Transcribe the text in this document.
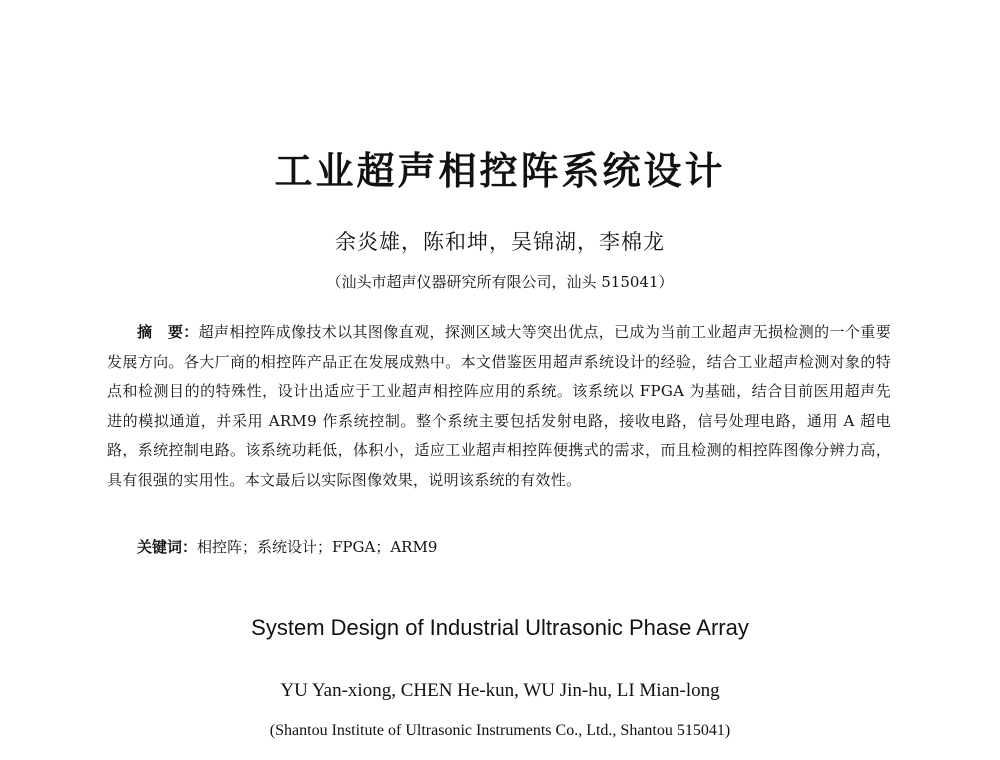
工业超声相控阵系统设计
余炎雄，陈和坤，吴锦湖，李棉龙
（汕头市超声仪器研究所有限公司，汕头 515041）
摘　要：超声相控阵成像技术以其图像直观，探测区域大等突出优点，已成为当前工业超声无损检测的一个重要发展方向。各大厂商的相控阵产品正在发展成熟中。本文借鉴医用超声系统设计的经验，结合工业超声检测对象的特点和检测目的的特殊性，设计出适应于工业超声相控阵应用的系统。该系统以 FPGA 为基础，结合目前医用超声先进的模拟通道，并采用 ARM9 作系统控制。整个系统主要包括发射电路，接收电路，信号处理电路，通用 A 超电路，系统控制电路。该系统功耗低，体积小，适应工业超声相控阵便携式的需求，而且检测的相控阵图像分辨力高，具有很强的实用性。本文最后以实际图像效果，说明该系统的有效性。
关键词：相控阵；系统设计；FPGA；ARM9
System Design of Industrial Ultrasonic Phase Array
YU Yan-xiong, CHEN He-kun, WU Jin-hu, LI Mian-long
(Shantou Institute of Ultrasonic Instruments Co., Ltd., Shantou 515041)
